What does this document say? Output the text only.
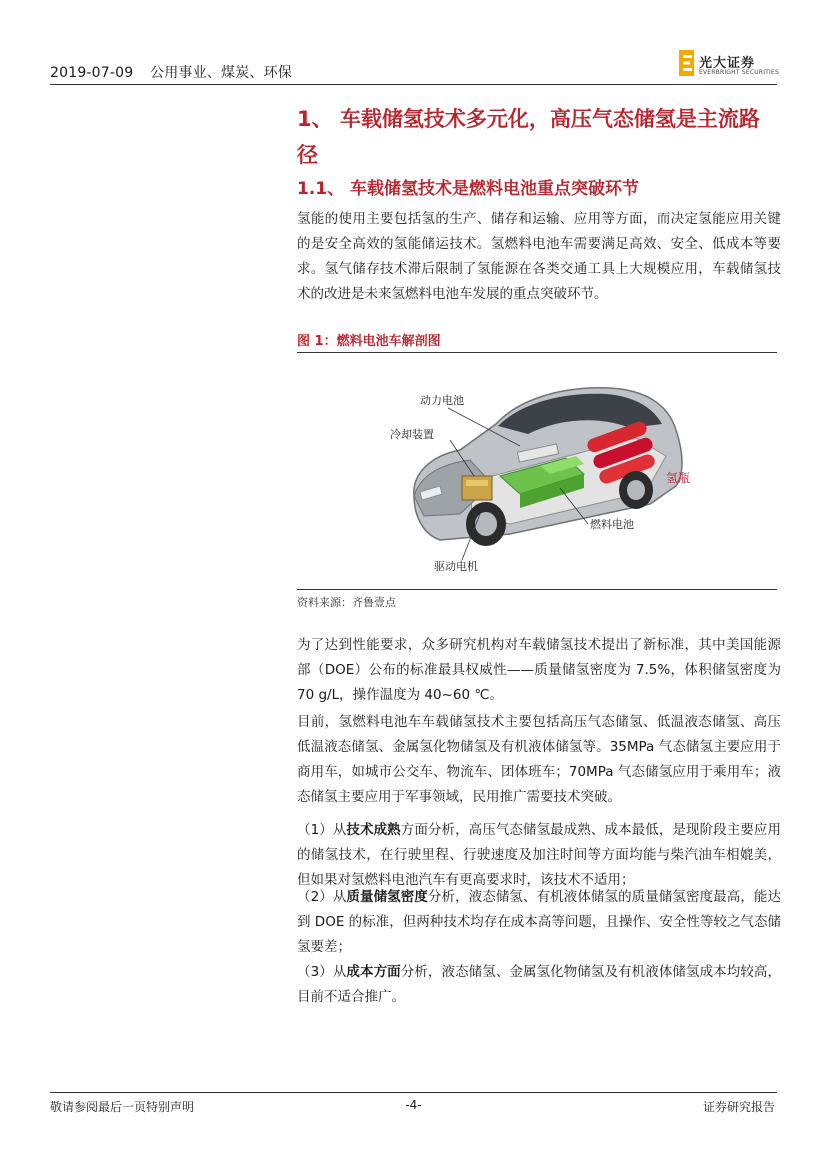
2019-07-09 公用事业、煤炭、环保
光大证券
EVERBRIGHT SECURITIES
1、 车载储氢技术多元化，高压气态储氢是主流路径
1.1、 车载储氢技术是燃料电池重点突破环节

氢能的使用主要包括氢的生产、储存和运输、应用等方面，而决定氢能应用关键的是安全高效的氢能储运技术。氢燃料电池车需要满足高效、安全、低成本等要求。氢气储存技术滞后限制了氢能源在各类交通工具上大规模应用，车载储氢技术的改进是未来氢燃料电池车发展的重点突破环节。

图 1：燃料电池车解剖图
动力电池
冷却装置
氢瓶
燃料电池
驱动电机
资料来源：齐鲁壹点

为了达到性能要求，众多研究机构对车载储氢技术提出了新标准，其中美国能源部（DOE）公布的标准最具权威性——质量储氢密度为 7.5%，体积储氢密度为 70 g/L，操作温度为 40~60 ℃。

目前，氢燃料电池车车载储氢技术主要包括高压气态储氢、低温液态储氢、高压低温液态储氢、金属氢化物储氢及有机液体储氢等。35MPa 气态储氢主要应用于商用车，如城市公交车、物流车、团体班车；70MPa 气态储氢应用于乘用车；液态储氢主要应用于军事领域，民用推广需要技术突破。

（1）从技术成熟方面分析，高压气态储氢最成熟、成本最低，是现阶段主要应用的储氢技术，在行驶里程、行驶速度及加注时间等方面均能与柴汽油车相媲美，但如果对氢燃料电池汽车有更高要求时，该技术不适用；

（2）从质量储氢密度分析，液态储氢、有机液体储氢的质量储氢密度最高，能达到 DOE 的标准，但两种技术均存在成本高等问题，且操作、安全性等较之气态储氢要差；

（3）从成本方面分析，液态储氢、金属氢化物储氢及有机液体储氢成本均较高，目前不适合推广。

敬请参阅最后一页特别声明	-4-	证券研究报告
